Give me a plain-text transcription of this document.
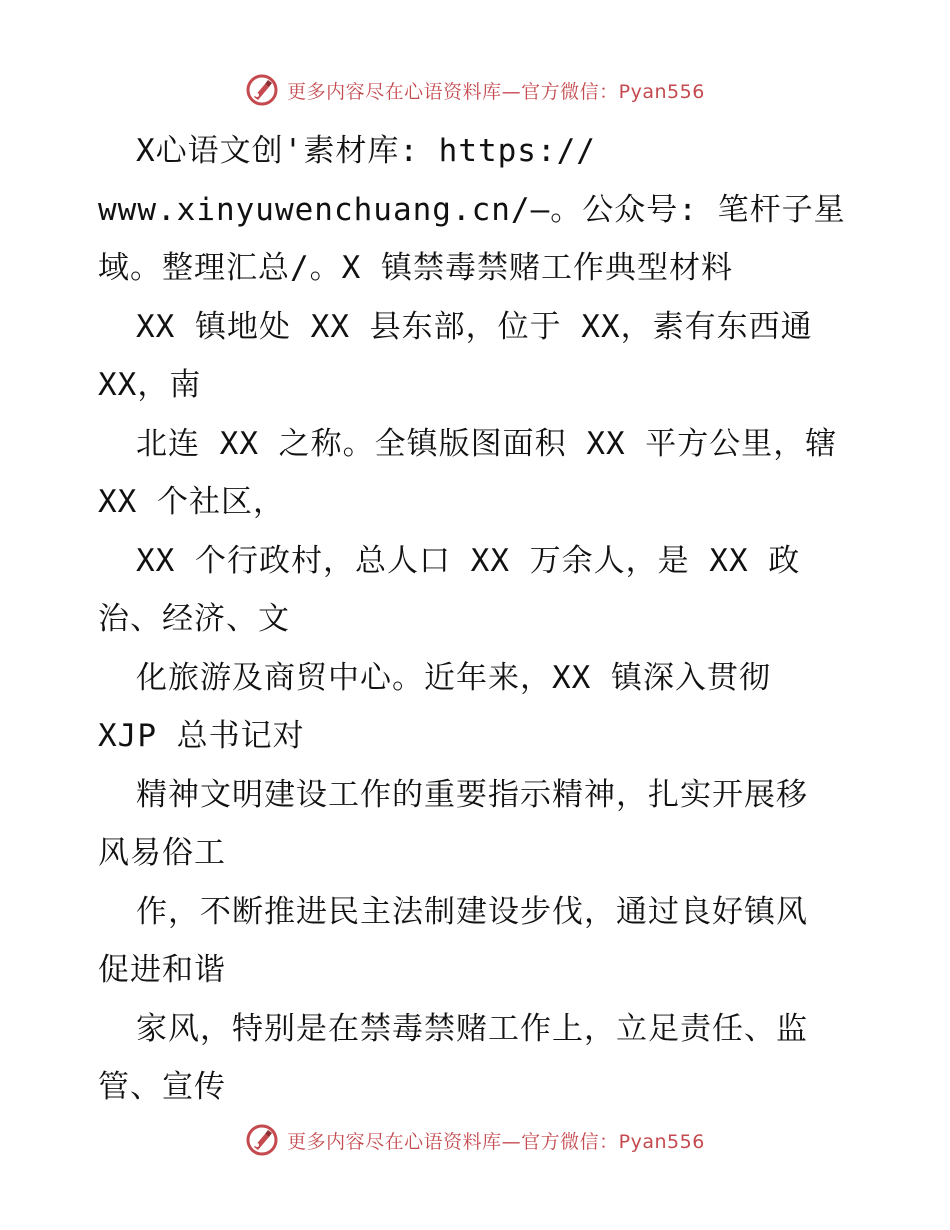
更多内容尽在心语资料库—官方微信：Pyan556
X心语文创'素材库: https://
www.xinyuwenchuang.cn/—。公众号: 笔杆子星
域。整理汇总/。X 镇禁毒禁赌工作典型材料
XX 镇地处 XX 县东部，位于 XX，素有东西通
XX，南
北连 XX 之称。全镇版图面积 XX 平方公里，辖
XX 个社区，
XX 个行政村，总人口 XX 万余人，是 XX 政
治、经济、文
化旅游及商贸中心。近年来，XX 镇深入贯彻
XJP 总书记对
精神文明建设工作的重要指示精神，扎实开展移
风易俗工
作，不断推进民主法制建设步伐，通过良好镇风
促进和谐
家风，特别是在禁毒禁赌工作上，立足责任、监
管、宣传
更多内容尽在心语资料库—官方微信：Pyan556
